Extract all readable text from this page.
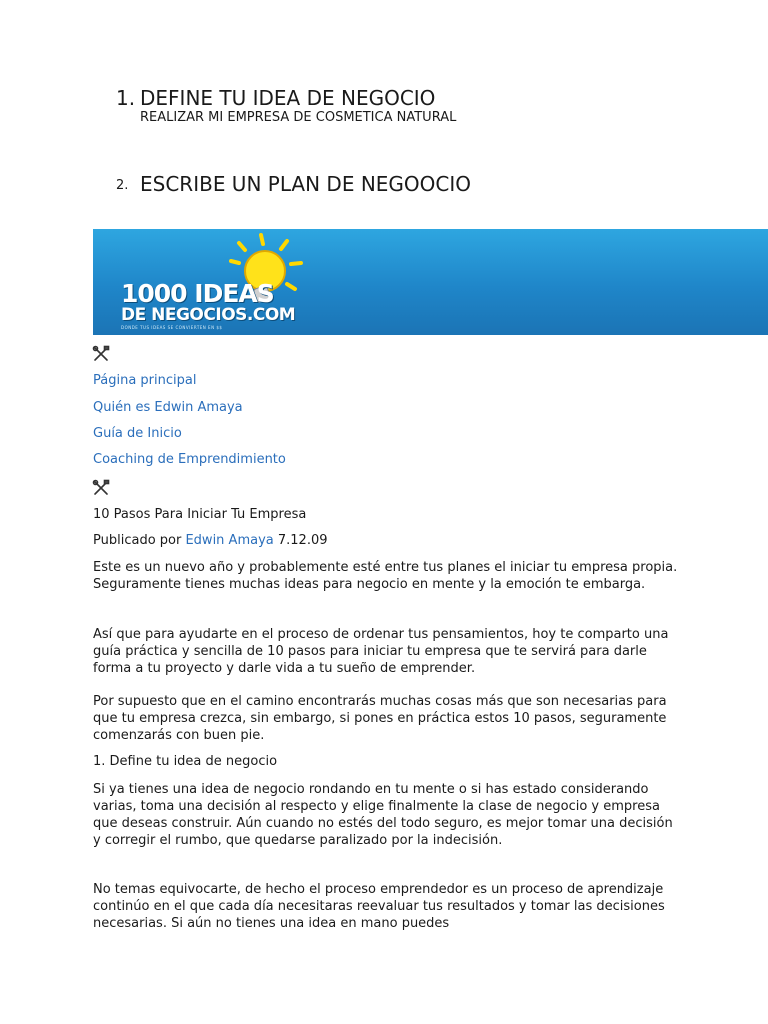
1. DEFINE TU IDEA DE NEGOCIO
REALIZAR MI EMPRESA DE COSMETICA NATURAL
2. ESCRIBE UN PLAN DE NEGOOCIO
1000 IDEAS
DE NEGOCIOS.COM
DONDE TUS IDEAS SE CONVIERTEN EN $$
Página principal
Quién es Edwin Amaya
Guía de Inicio
Coaching de Emprendimiento
10 Pasos Para Iniciar Tu Empresa
Publicado por Edwin Amaya 7.12.09

Este es un nuevo año y probablemente esté entre tus planes el iniciar tu empresa propia. Seguramente tienes muchas ideas para negocio en mente y la emoción te embarga.

Así que para ayudarte en el proceso de ordenar tus pensamientos, hoy te comparto una guía práctica y sencilla de 10 pasos para iniciar tu empresa que te servirá para darle forma a tu proyecto y darle vida a tu sueño de emprender.

Por supuesto que en el camino encontrarás muchas cosas más que son necesarias para que tu empresa crezca, sin embargo, si pones en práctica estos 10 pasos, seguramente comenzarás con buen pie.

1. Define tu idea de negocio

Si ya tienes una idea de negocio rondando en tu mente o si has estado considerando varias, toma una decisión al respecto y elige finalmente la clase de negocio y empresa que deseas construir. Aún cuando no estés del todo seguro, es mejor tomar una decisión y corregir el rumbo, que quedarse paralizado por la indecisión.

No temas equivocarte, de hecho el proceso emprendedor es un proceso de aprendizaje continúo en el que cada día necesitaras reevaluar tus resultados y tomar las decisiones necesarias. Si aún no tienes una idea en mano puedes
